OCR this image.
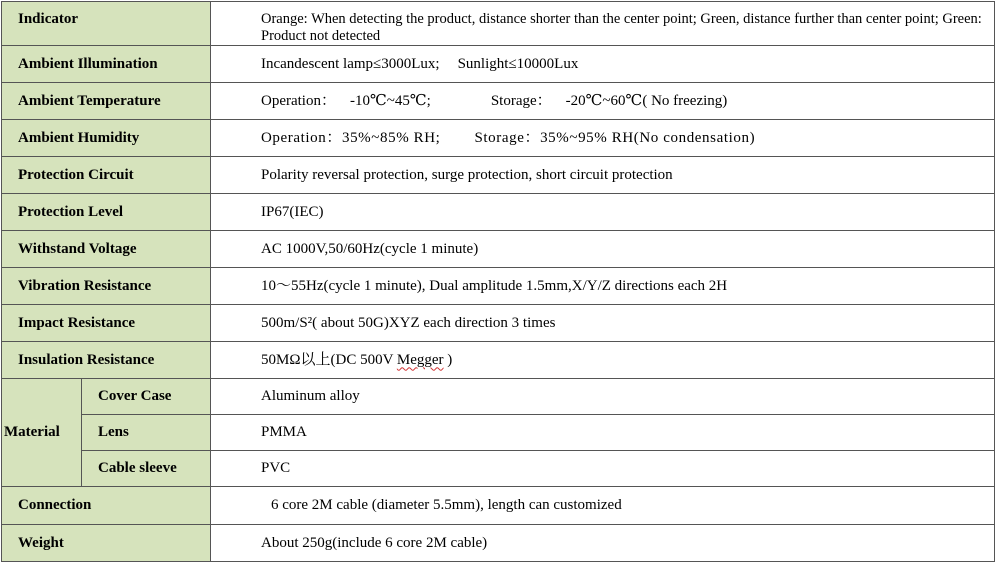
Indicator		Orange: When detecting the product, distance shorter than the center point; Green, distance further than center point; Green: Product not detected
Ambient Illumination		Incandescent lamp≤3000Lux; Sunlight≤10000Lux
Ambient Temperature		Operation： -10℃~45℃; Storage： -20℃~60℃( No freezing)
Ambient Humidity		Operation：35%~85% RH; Storage：35%~95% RH(No condensation)
Protection Circuit		Polarity reversal protection, surge protection, short circuit protection
Protection Level		IP67(IEC)
Withstand Voltage		AC 1000V,50/60Hz(cycle 1 minute)
Vibration Resistance		10～55Hz(cycle 1 minute), Dual amplitude 1.5mm,X/Y/Z directions each 2H
Impact Resistance		500m/S²( about 50G)XYZ each direction 3 times
Insulation Resistance		50MΩ以上(DC 500V Megger )
Material	Cover Case	Aluminum alloy
	Lens	PMMA
	Cable sleeve	PVC
Connection		6 core 2M cable (diameter 5.5mm), length can customized
Weight		About 250g(include 6 core 2M cable)
